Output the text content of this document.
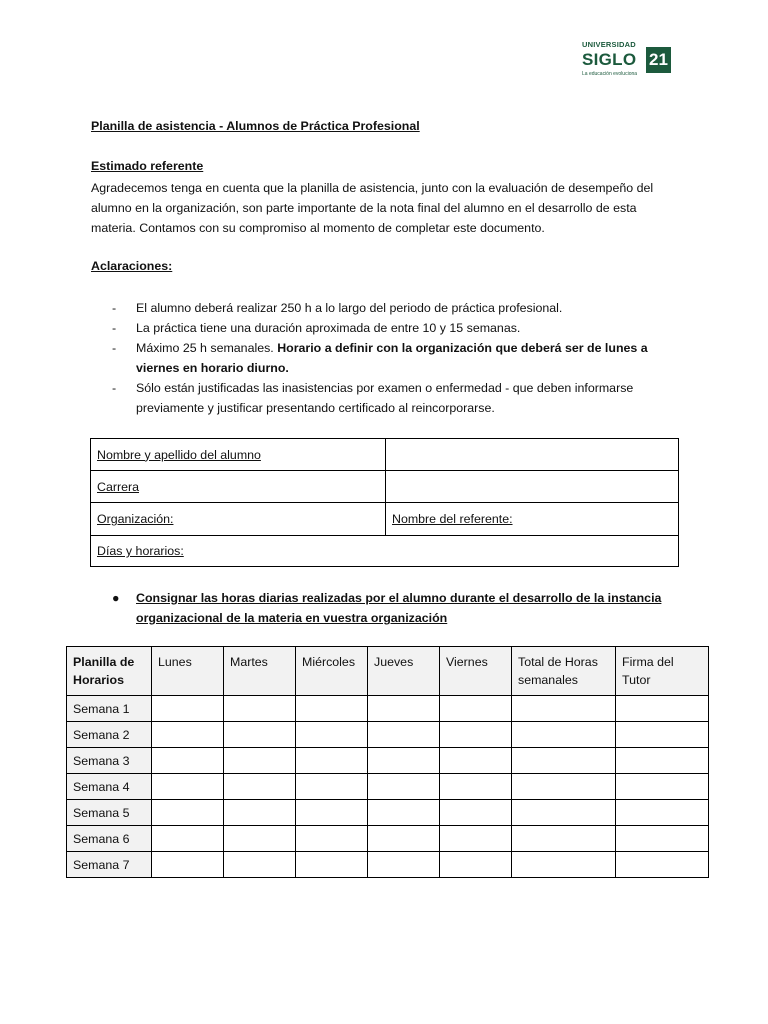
UNIVERSIDAD
SIGLO 21
La educación evoluciona
Planilla de asistencia - Alumnos de Práctica Profesional
Estimado referente
Agradecemos tenga en cuenta que la planilla de asistencia, junto con la evaluación de desempeño del alumno en la organización, son parte importante de la nota final del alumno en el desarrollo de esta materia. Contamos con su compromiso al momento de completar este documento.
Aclaraciones:
- El alumno deberá realizar 250 h a lo largo del periodo de práctica profesional.
- La práctica tiene una duración aproximada de entre 10 y 15 semanas.
- Máximo 25 h semanales. Horario a definir con la organización que deberá ser de lunes a viernes en horario diurno.
- Sólo están justificadas las inasistencias por examen o enfermedad - que deben informarse previamente y justificar presentando certificado al reincorporarse.
Nombre y apellido del alumno	
Carrera	
Organización:	Nombre del referente:
Días y horarios:	
● Consignar las horas diarias realizadas por el alumno durante el desarrollo de la instancia organizacional de la materia en vuestra organización
Planilla de Horarios	Lunes	Martes	Miércoles	Jueves	Viernes	Total de Horas semanales	Firma del Tutor
Semana 1							
Semana 2							
Semana 3							
Semana 4							
Semana 5							
Semana 6							
Semana 7							
